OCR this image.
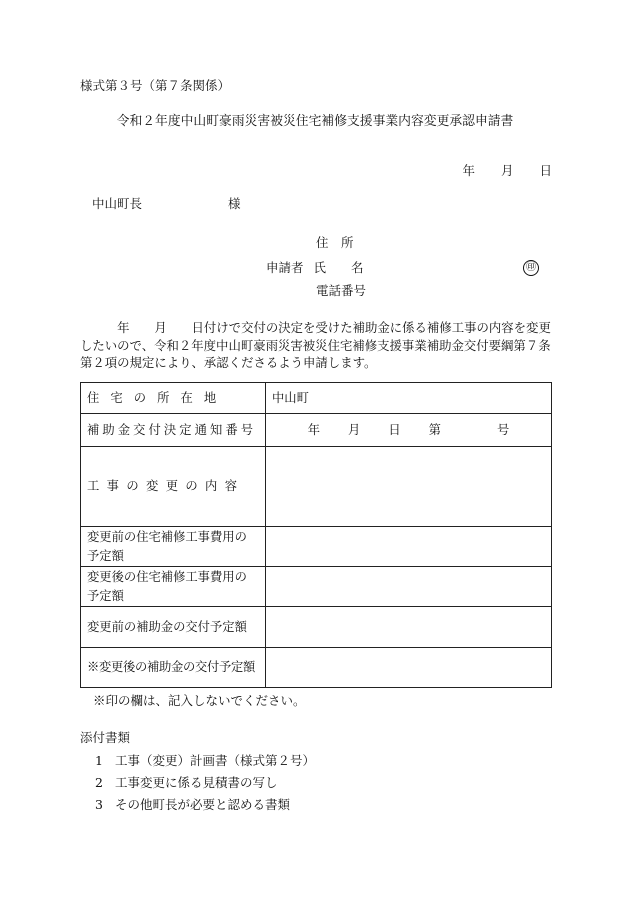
様式第３号（第７条関係）
令和２年度中山町豪雨災害被災住宅補修支援事業内容変更承認申請書
年 月 日
中山町長	様
住　所
申請者 氏　　名	㊞
電話番号
　　　年　　月　　日付けで交付の決定を受けた補助金に係る補修工事の内容を変更したいので、令和２年度中山町豪雨災害被災住宅補修支援事業補助金交付要綱第７条第２項の規定により、承認くださるよう申請します。
住宅の所在地	中山町
補助金交付決定通知番号	年 月 日 第 号
工事の変更の内容	

変更前の住宅補修工事費用の
予定額	

変更後の住宅補修工事費用の
予定額	

変更前の補助金の交付予定額	
※変更後の補助金の交付予定額	
※印の欄は、記入しないでください。
添付書類
1 工事（変更）計画書（様式第２号）
2 工事変更に係る見積書の写し
3 その他町長が必要と認める書類
